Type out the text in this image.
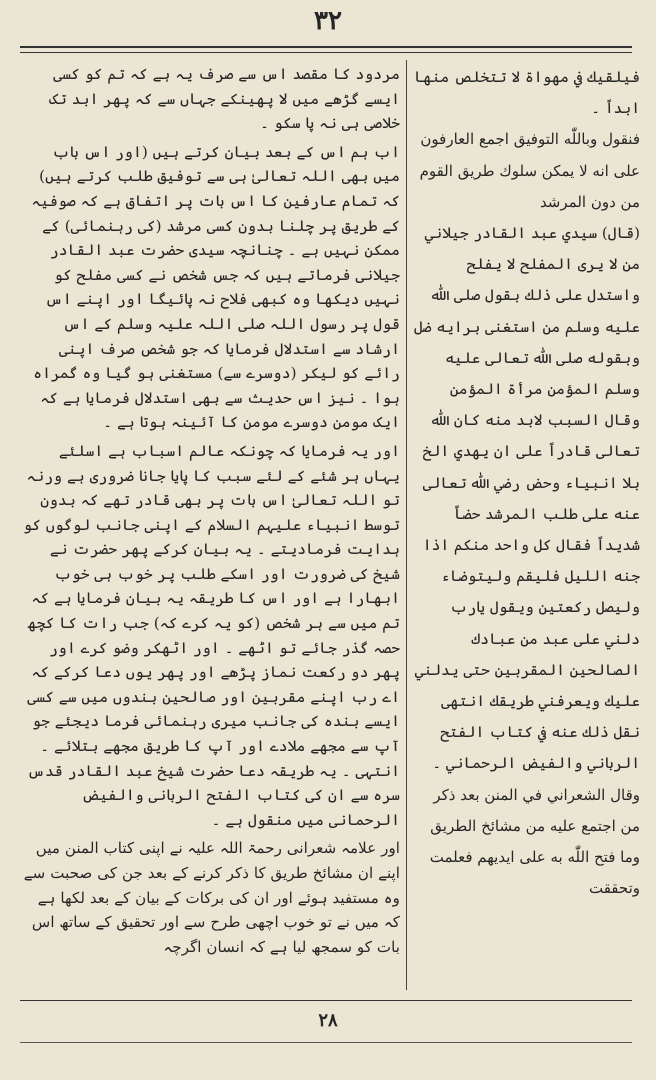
۳۲

فيلقيك في مهواة لا تتخلص منها ابداً ۔

فنقول وباللّٰه التوفيق اجمع العارفون على انه لا يمكن سلوك طريق القوم من دون المرشد

(قال) سيدي عبد القادر جيلاني من لا يرى المفلح لا يفلح واستدل على ذلك بقول صلى اللّٰه عليه وسلم من استغنى برايه ضل وبقوله صلى اللّٰه تعالى عليه وسلم المؤمن مرأة المؤمن وقال السبب لابد منه كان اللّٰه تعالى قادراً على ان يهدي الخ بلا انبياء وحض رضي اللّٰه تعالى عنه على طلب المرشد حضاً شديداً فقال كل واحد منكم اذا جنه الليل فليقم وليتوضاء وليصل ركعتين ويقول يارب دلني على عبد من عبادك الصالحين المقربين حتى يدلني عليك ويعرفني طريقك انتهى نقل ذلك عنه في كتاب الفتح الرباني والفيض الرحماني ۔

وقال الشعراني في المنن بعد ذكر من اجتمع عليه من مشائخ الطريق وما فتح اللّٰه به على ايديهم فعلمت وتحققت

مردود کا مقصد اس سے صرف یہ ہے کہ تم کو کسی ایسے گڑھے میں لا پھینکے جہاں سے کہ پھر ابد تک خلاصی ہی نہ پا سکو ۔

اب ہم اس کے بعد بیان کرتے ہیں (اور اس باب میں بھی اللہ تعالیٰ ہی سے توفیق طلب کرتے ہیں) کہ تمام عارفین کا اس بات پر اتفاق ہے کہ صوفیہ کے طریق پر چلنا بدون کسی مرشد (کی رہنمائی) کے ممکن نہیں ہے ۔ چنانچہ سیدی حضرت عبد القادر جیلانی فرماتے ہیں کہ جس شخص نے کسی مفلح کو نہیں دیکھا وہ کبھی فلاح نہ پائیگا اور اپنے اس قول پر رسول اللہ صلی اللہ علیہ وسلم کے اس ارشاد سے استدلال فرمایا کہ جو شخص صرف اپنی رائے کو لیکر (دوسرے سے) مستغنی ہو گیا وہ گمراہ ہوا ۔ نیز اس حدیث سے بھی استدلال فرمایا ہے کہ ایک مومن دوسرے مومن کا آئینہ ہوتا ہے ۔

اور یہ فرمایا کہ چونکہ عالم اسباب ہے اسلئے یہاں ہر شئے کے لئے سبب کا پایا جانا ضروری ہے ورنہ تو اللہ تعالیٰ اس بات پر بھی قادر تھے کہ بدون توسط انبیاء علیہم السلام کے اپنی جانب لوگوں کو ہدایت فرمادیتے ۔ یہ بیان کرکے پھر حضرت نے شیخ کی ضرورت اور اسکے طلب پر خوب ہی خوب ابھارا ہے اور اس کا طریقہ یہ بیان فرمایا ہے کہ تم میں سے ہر شخص (کو یہ کرے کہ) جب رات کا کچھ حصہ گذر جائے تو اٹھے ۔ اور اٹھکر وضو کرے اور پھر دو رکعت نماز پڑھے اور پھر یوں دعا کرکے کہ اے رب اپنے مقربین اور صالحین بندوں میں سے کسی ایسے بندہ کی جانب میری رہنمائی فرما دیجئے جو آپ سے مجھے ملادے اور آپ کا طریق مجھے بتلائے ۔ انتہی ۔ یہ طریقہ دعا حضرت شیخ عبد القادر قدس سرہ سے ان کی کتاب الفتح الربانی والفیض الرحمانی میں منقول ہے ۔

اور علامہ شعرانی رحمۃ اللہ علیہ نے اپنی کتاب المنن میں اپنے ان مشائخ طریق کا ذکر کرنے کے بعد جن کی صحبت سے وہ مستفید ہوئے اور ان کی برکات کے بیان کے بعد لکھا ہے کہ میں نے تو خوب اچھی طرح سے اور تحقیق کے ساتھ اس بات کو سمجھ لیا ہے کہ انسان اگرچہ

۲۸
